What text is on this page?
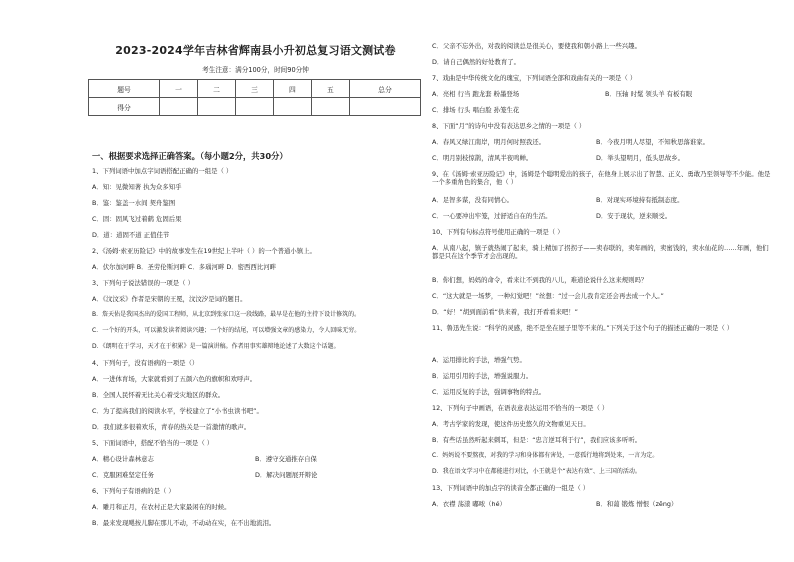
2023-2024学年吉林省辉南县小升初总复习语文测试卷
考生注意：满分100分，时间90分钟
题号	一	二	三	四	五	总分
得分						
一、根据要求选择正确答案。（每小题2分，共30分）
1、下列词语中加点字词语搭配正确的一组是（ ）
A．知：见微知著 执为众多知乎
B．鉴：鉴盖一水间 契舟鉴图
C．固：固风飞过着鹤 危固后果
D．道：道固不道 正值佳节
2、《汤姆·索亚历险记》中的故事发生在19世纪上半叶（ ）的一个普通小镇上。
A．伏尔加河畔 B．圣劳伦斯河畔 C．多瑙河畔 D．密西西比河畔
3、下列句子说法错误的一项是（ ）
A．《汶汶采》作者是宋朝的王冕，汶汶汐是词的题目。
B．詹天佑是我国杰出的爱国工程师，从北京到张家口这一段线路，最早是在他的主持下设计修筑的。
C．一个好的开头，可以激发读者阅读兴趣；一个好的结尾，可以增强文章的感染力，令人回味无穷。
D．《朗明在于学习，天才在于积累》是一篇演讲稿。作者用事实雄辩地论述了大数这个话题。
4、下列句子，没有语病的一项是（）
A．一进体育场，大家就看到了五颜六色的旗帜和欢呼声。
B．全国人民怀着无比关心着受灾地区的群众。
C．为了提高我们的阅读水平，学校建立了“小书虫读书吧”。
D．我们就多很着欢乐，青春的热关是一首激情的歌声。
5、下面词语中，搭配不恰当的一项是（ ）
A．精心设计森林意志	B．遵守交通推存自保
C．克服困难坚定任务	D．解决问题展开辩论
6、下列句子有语病的是（ ）
A．雕月和正月，在农村正是大家最闲在的时候。
B．最来发现飓按儿脚在那儿不动，不动动在实，在不出地流泪。
C．父亲不忘外出，对我的阅读总是很关心，要使我和朝小路上一些兴趣。
D．请自己偶然的好处教育了。
7、戏曲是中华传统文化的瑰宝，下列词语全部和戏曲有关的一项是（ ）
A．亮相 行当 跑龙套 粉墨登场	B．压轴 时髦 领头羊 有板有眼
C．排场 行头 唱白脸 孙笼生花
8、下面“月”的诗句中没有表达思乡之情的一项是（ ）
A．春风又绿江南岸，明月何时照我还。	B．今夜月明人尽望，不知秋思落谁家。
C．明月别枝惊鹊，清风半夜鸣蝉。	D．举头望明月，低头思故乡。
9、在《汤姆·索亚历险记》中，汤姆是个聪明爱出的孩子，在他身上展示出了智慧、正义、勇敢乃至领导等不少能。他是一个多重角色的集合，他（ ）
A．足智多谋，没有同情心。	B．对现实环境持有抵制态度。
C．一心要冲出牢笼，过舒适自在的生活。	D．安于现状，逆来顺受。
10、下列有句标点符号使用正确的一项是（ ）
A．从南八起，镇子就热闹了起来，骑上精加了拐拐子——卖春联的，卖年画的，卖蜜饯的，卖水仙花的……年画，他们都是只在这个季节才会出现的。
B．你们想，妈妈的命令，看来让不到我的八儿，难道论说什么这来规则吗？
C．“这大就是一场梦，一种幻觉吧！”丝想：“过一会儿我肯定还会再去成一个人。”
D．“好！”胡到面前看“供来着，我打开看看来吧！”
11、鲁迅先生说：“科学的灵感，绝不是坐在屋子里等不来的。”下列关于这个句子的描述正确的一项是（ ）
A．运用排比的手法，增强气势。
B．运用引用的手法，增强说服力。
C．运用反复的手法，强调事物的特点。
12、下列句子中画语，在语表意表达运用不恰当的一项是（ ）
A．考古学家的发现，使这件历史悠久的文物重见天日。
B．有些话虽然听起来刺耳，但是：“忠言逆耳利于行”，我们应该多听听。
C．妈妈说不要熬夜，对我的学习和身体都有害处，一意孤行地将到处来，一言为定。
D．我在语文学习中在都能进行对比，小王就是个“表达有效”、上三国的活动。
13、下列词语中的加点字的读音全都正确的一组是（ ）
A．衣襟 荡漾 嘟哝（hé）	B．和蔼 锻炼 憎恨（zēng）
